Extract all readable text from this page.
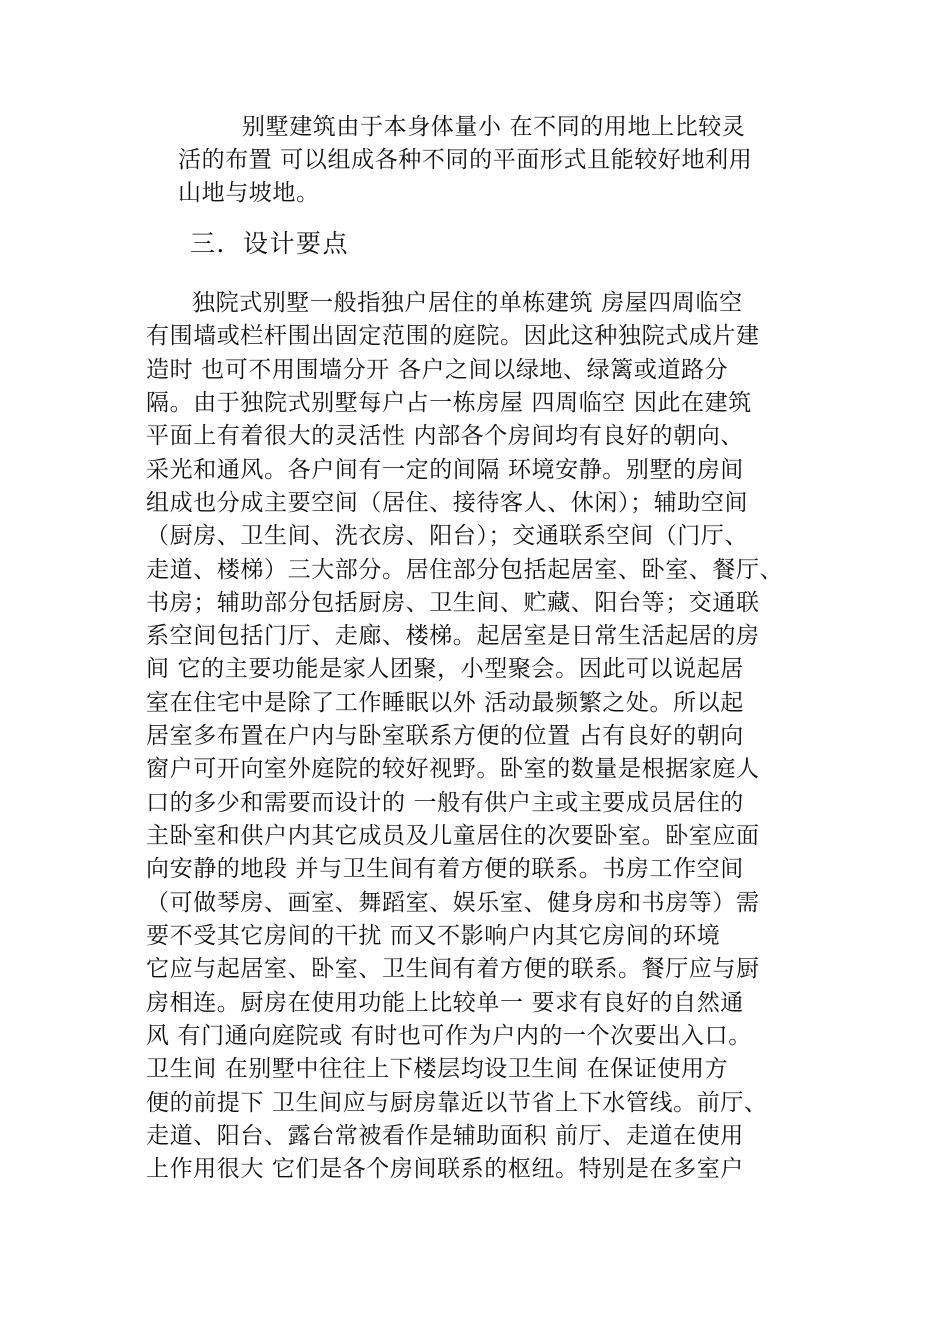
别墅建筑由于本身体量小 在不同的用地上比较灵
活的布置 可以组成各种不同的平面形式且能较好地利用
山地与坡地。
三．设计要点
独院式别墅一般指独户居住的单栋建筑 房屋四周临空
有围墙或栏杆围出固定范围的庭院。因此这种独院式成片建
造时 也可不用围墙分开 各户之间以绿地、绿篱或道路分
隔。由于独院式别墅每户占一栋房屋 四周临空 因此在建筑
平面上有着很大的灵活性 内部各个房间均有良好的朝向、
采光和通风。各户间有一定的间隔 环境安静。别墅的房间
组成也分成主要空间（居住、接待客人、休闲）；辅助空间
（厨房、卫生间、洗衣房、阳台）；交通联系空间（门厅、
走道、楼梯）三大部分。居住部分包括起居室、卧室、餐厅、
书房；辅助部分包括厨房、卫生间、贮藏、阳台等；交通联
系空间包括门厅、走廊、楼梯。起居室是日常生活起居的房
间 它的主要功能是家人团聚，小型聚会。因此可以说起居
室在住宅中是除了工作睡眠以外 活动最频繁之处。所以起
居室多布置在户内与卧室联系方便的位置 占有良好的朝向
窗户可开向室外庭院的较好视野。卧室的数量是根据家庭人
口的多少和需要而设计的 一般有供户主或主要成员居住的
主卧室和供户内其它成员及儿童居住的次要卧室。卧室应面
向安静的地段 并与卫生间有着方便的联系。书房工作空间
（可做琴房、画室、舞蹈室、娱乐室、健身房和书房等）需
要不受其它房间的干扰 而又不影响户内其它房间的环境
它应与起居室、卧室、卫生间有着方便的联系。餐厅应与厨
房相连。厨房在使用功能上比较单一 要求有良好的自然通
风 有门通向庭院或 有时也可作为户内的一个次要出入口。
卫生间 在别墅中往往上下楼层均设卫生间 在保证使用方
便的前提下 卫生间应与厨房靠近以节省上下水管线。前厅、
走道、阳台、露台常被看作是辅助面积 前厅、走道在使用
上作用很大 它们是各个房间联系的枢纽。特别是在多室户
